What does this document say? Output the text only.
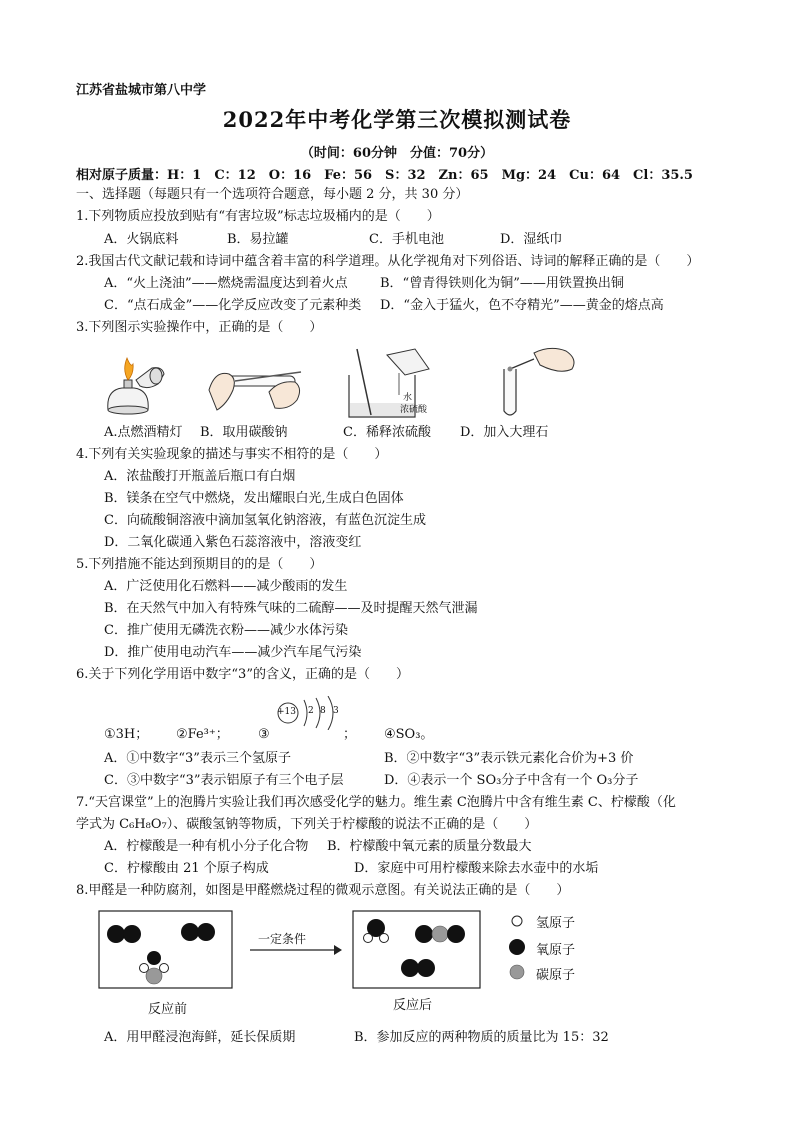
江苏省盐城市第八中学
2022年中考化学第三次模拟测试卷
（时间：60分钟　分值：70分）
相对原子质量：H：1　C：12　O：16　Fe：56　S：32　Zn：65　Mg：24　Cu：64　Cl：35.5
一、选择题（每题只有一个选项符合题意，每小题 2 分，共 30 分）
1.下列物质应投放到贴有“有害垃圾”标志垃圾桶内的是（　　）
A．火锅底料	B．易拉罐	C．手机电池	D．湿纸巾
2.我国古代文献记载和诗词中蕴含着丰富的科学道理。从化学视角对下列俗语、诗词的解释正确的是（　　）
A．“火上浇油”——燃烧需温度达到着火点 B．“曾青得铁则化为铜”——用铁置换出铜
C．“点石成金”——化学反应改变了元素种类 D．“金入于猛火，色不夺精光”——黄金的熔点高
3.下列图示实验操作中，正确的是（　　）
水
浓硫酸
A.点燃酒精灯 B．取用碳酸钠	C．稀释浓硫酸 D．加入大理石
4.下列有关实验现象的描述与事实不相符的是（　　）
A．浓盐酸打开瓶盖后瓶口有白烟
B．镁条在空气中燃烧，发出耀眼白光,生成白色固体
C．向硫酸铜溶液中滴加氢氧化钠溶液，有蓝色沉淀生成
D．二氧化碳通入紫色石蕊溶液中，溶液变红
5.下列措施不能达到预期目的的是（　　）
A．广泛使用化石燃料——减少酸雨的发生
B．在天然气中加入有特殊气味的二硫醇——及时提醒天然气泄漏
C．推广使用无磷洗衣粉——减少水体污染
D．推广使用电动汽车——减少汽车尾气污染
6.关于下列化学用语中数字“3”的含义，正确的是（　　）
+13 2 8 3
①3H； ②Fe³⁺； ③	； ④SO₃。
A．①中数字“3”表示三个氢原子	B．②中数字“3”表示铁元素化合价为+3 价
C．③中数字“3”表示铝原子有三个电子层	D．④表示一个 SO₃分子中含有一个 O₃分子
7.“天宫课堂”上的泡腾片实验让我们再次感受化学的魅力。维生素 C泡腾片中含有维生素 C、柠檬酸（化
学式为 C₆H₈O₇）、碳酸氢钠等物质，下列关于柠檬酸的说法不正确的是（　　）
A．柠檬酸是一种有机小分子化合物 B．柠檬酸中氧元素的质量分数最大
C．柠檬酸由 21 个原子构成	D．家庭中可用柠檬酸来除去水壶中的水垢
8.甲醛是一种防腐剂，如图是甲醛燃烧过程的微观示意图。有关说法正确的是（　　）
一定条件
反应前	反应后
氢原子
氧原子
碳原子
A．用甲醛浸泡海鲜，延长保质期	B．参加反应的两种物质的质量比为 15：32
